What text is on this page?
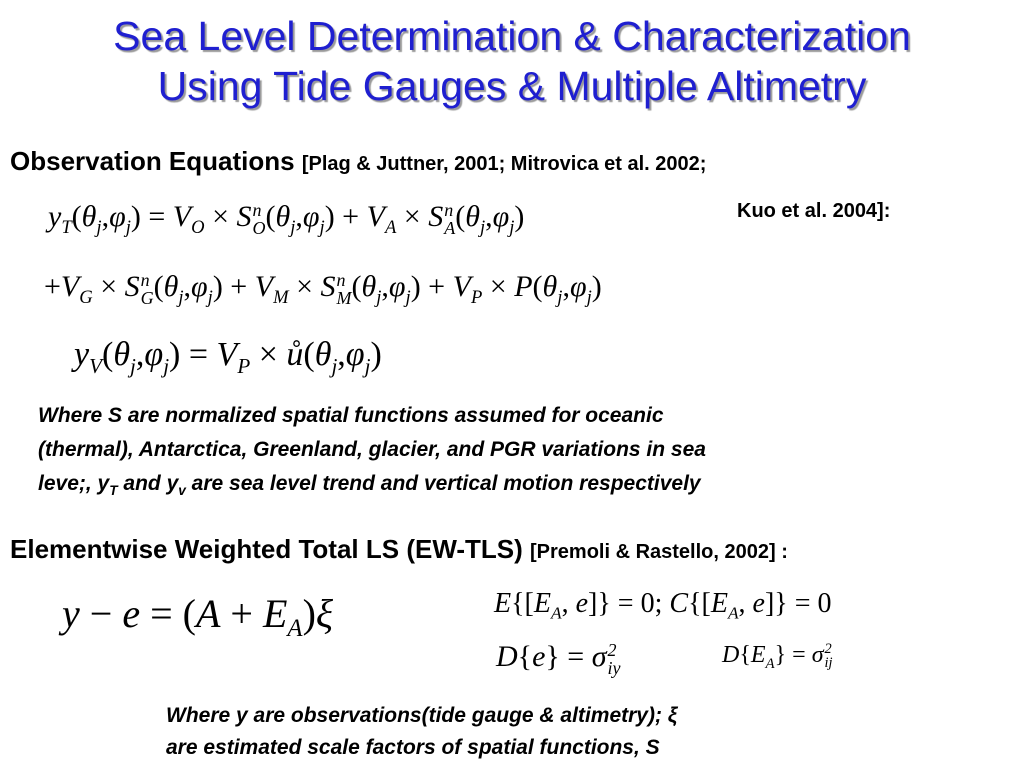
Sea Level Determination & Characterization
Using Tide Gauges & Multiple Altimetry
Observation Equations [Plag & Juttner, 2001; Mitrovica et al. 2002;
Kuo et al. 2004]:
$y_T(\theta_j,\varphi_j) = V_O \times S$ n
O $(\theta_j,\varphi_j) + V_A \times S$ n
A $(\theta_j,\varphi_j)$
$+V_G \times S$ n
G $(\theta_j,\varphi_j) + V_M \times S$ n
M $(\theta_j,\varphi_j) + V_P \times P(\theta_j,\varphi_j)$
$y_V(\theta_j,\varphi_j) = V_P$ × $ů(\theta_j,\varphi_j)$
Where S are normalized spatial functions assumed for oceanic
(thermal), Antarctica, Greenland, glacier, and PGR variations in sea
leve;, $y_T$ and $y_v$ are sea level trend and vertical motion respectively
Elementwise Weighted Total LS (EW-TLS) [Premoli & Rastello, 2002] :
$y - e = (A + E_A)\xi$	$E\{[E_A$, e]} = 0; $C\{[E_A$, e]} = 0
D{e} = σ 2
iy
$D\{E_A\} = \sigma$ 2
ij
Where y are observations(tide gauge & altimetry); ξ
are estimated scale factors of spatial functions, S
